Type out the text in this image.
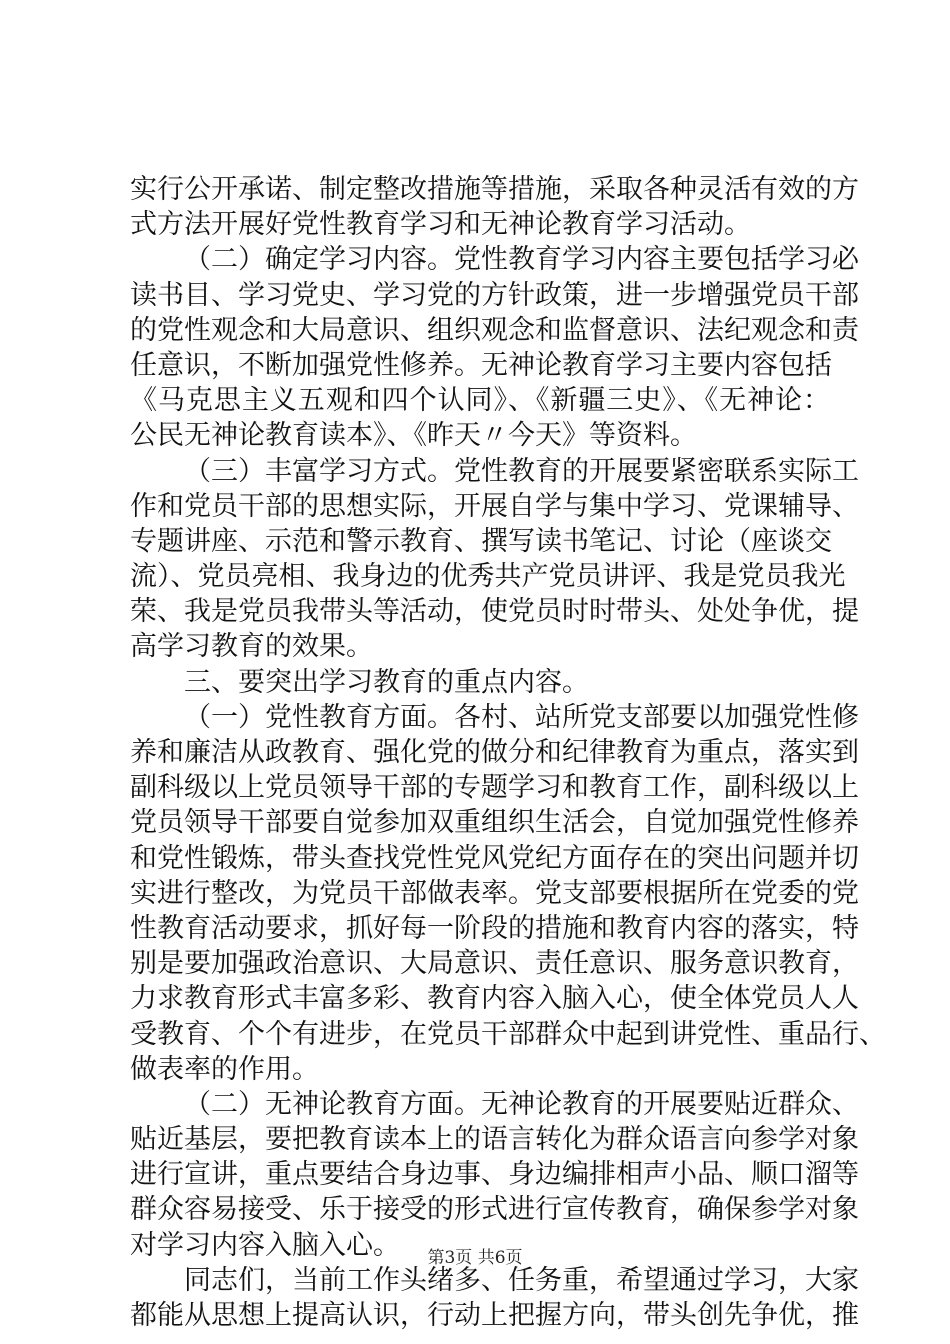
实行公开承诺、制定整改措施等措施，采取各种灵活有效的方
式方法开展好党性教育学习和无神论教育学习活动。
（二）确定学习内容。党性教育学习内容主要包括学习必
读书目、学习党史、学习党的方针政策，进一步增强党员干部
的党性观念和大局意识、组织观念和监督意识、法纪观念和责
任意识，不断加强党性修养。无神论教育学习主要内容包括
《马克思主义五观和四个认同》、《新疆三史》、《无神论：
公民无神论教育读本》、《昨天〃今天》等资料。
（三）丰富学习方式。党性教育的开展要紧密联系实际工
作和党员干部的思想实际，开展自学与集中学习、党课辅导、
专题讲座、示范和警示教育、撰写读书笔记、讨论（座谈交
流）、党员亮相、我身边的优秀共产党员讲评、我是党员我光
荣、我是党员我带头等活动，使党员时时带头、处处争优，提
高学习教育的效果。
三、要突出学习教育的重点内容。
（一）党性教育方面。各村、站所党支部要以加强党性修
养和廉洁从政教育、强化党的做分和纪律教育为重点，落实到
副科级以上党员领导干部的专题学习和教育工作，副科级以上
党员领导干部要自觉参加双重组织生活会，自觉加强党性修养
和党性锻炼，带头查找党性党风党纪方面存在的突出问题并切
实进行整改，为党员干部做表率。党支部要根据所在党委的党
性教育活动要求，抓好每一阶段的措施和教育内容的落实，特
别是要加强政治意识、大局意识、责任意识、服务意识教育，
力求教育形式丰富多彩、教育内容入脑入心，使全体党员人人
受教育、个个有进步，在党员干部群众中起到讲党性、重品行、
做表率的作用。
（二）无神论教育方面。无神论教育的开展要贴近群众、
贴近基层，要把教育读本上的语言转化为群众语言向参学对象
进行宣讲，重点要结合身边事、身边编排相声小品、顺口溜等
群众容易接受、乐于接受的形式进行宣传教育，确保参学对象
对学习内容入脑入心。
同志们，当前工作头绪多、任务重，希望通过学习，大家
都能从思想上提高认识，行动上把握方向，带头创先争优，推
第3页 共6页
